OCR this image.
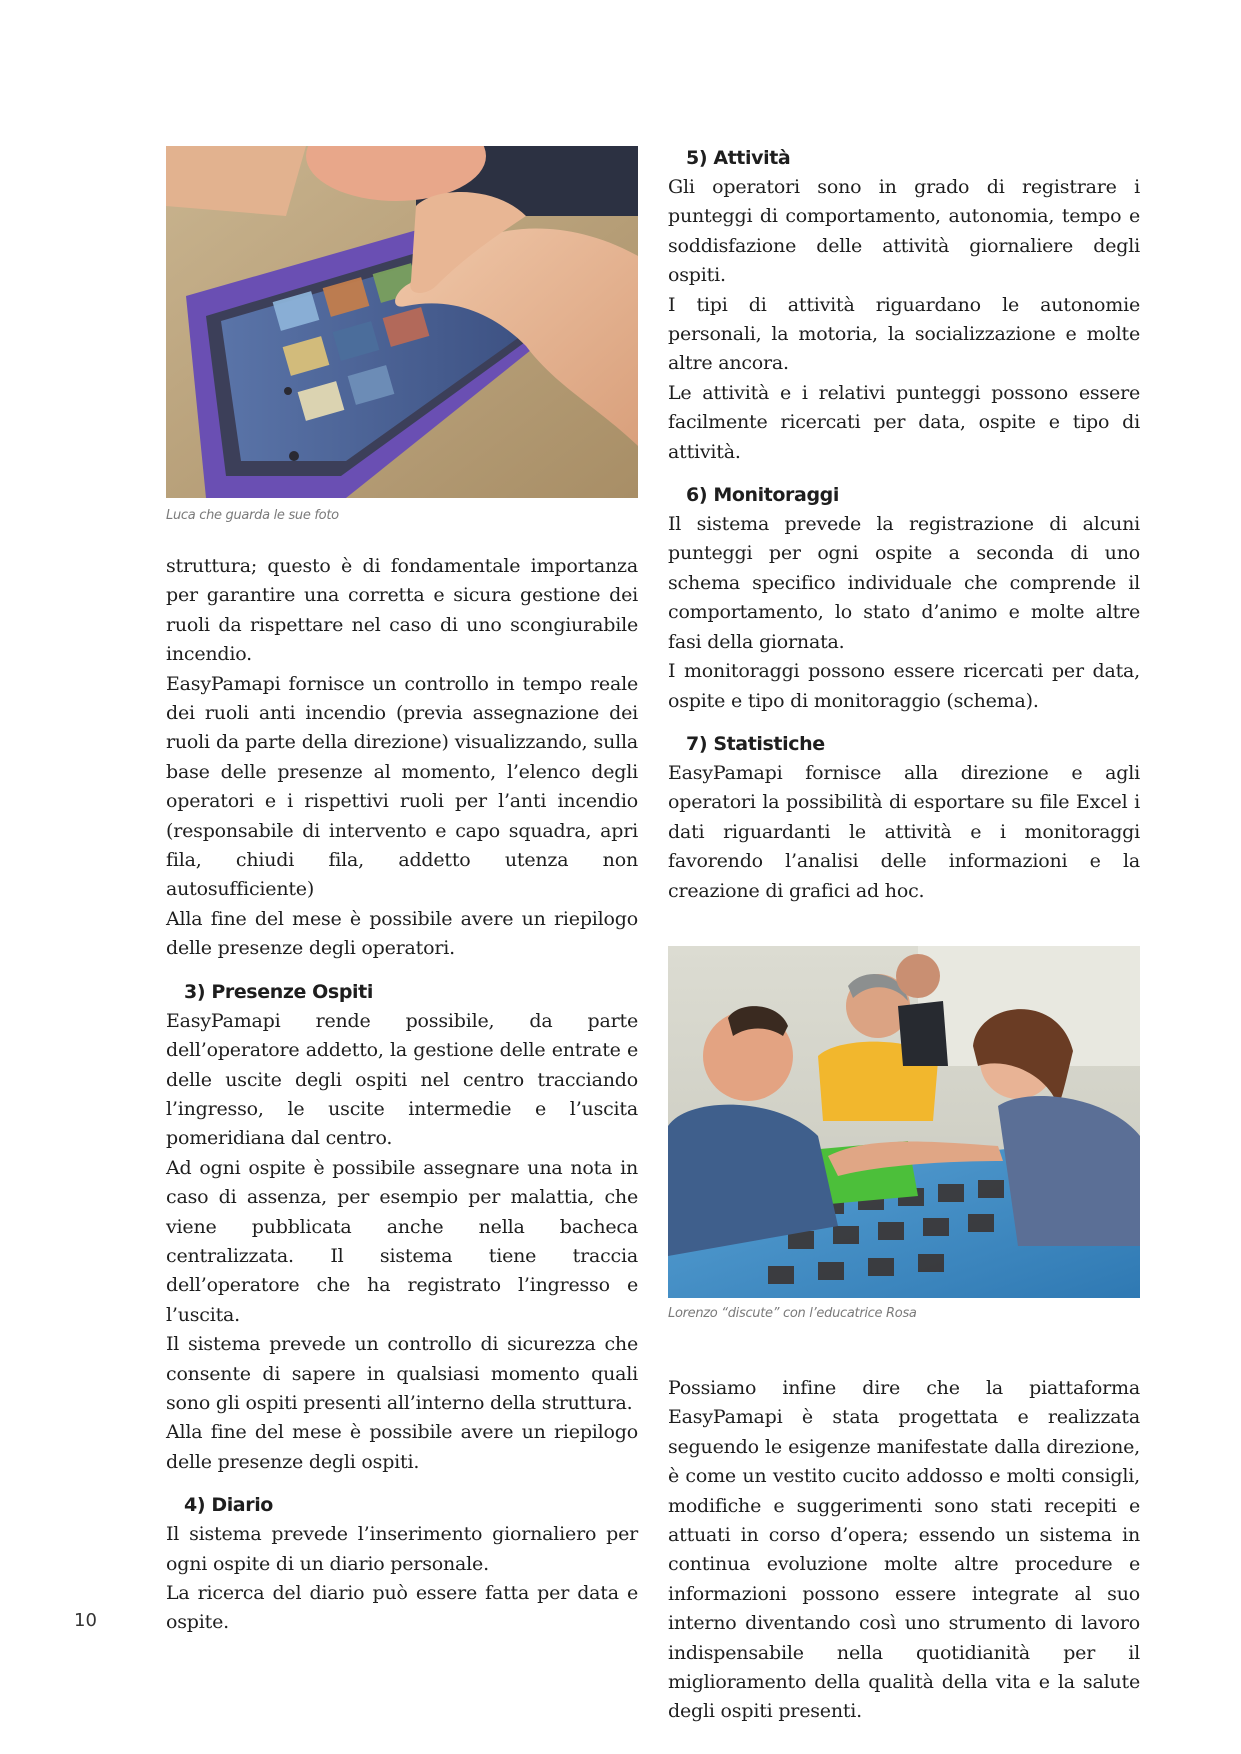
Luca che guarda le sue foto

struttura; questo è di fondamentale importanza per garantire una corretta e sicura gestione dei ruoli da rispettare nel caso di uno scongiurabile incendio.

EasyPamapi fornisce un controllo in tempo reale dei ruoli anti incendio (previa assegnazione dei ruoli da parte della direzione) visualizzando, sulla base delle presenze al momento, l’elenco degli operatori e i rispettivi ruoli per l’anti incendio (responsabile di intervento e capo squadra, apri fila, chiudi fila, addetto utenza non autosufficiente)

Alla fine del mese è possibile avere un riepilogo delle presenze degli operatori.

3) Presenze Ospiti

EasyPamapi rende possibile, da parte dell’operatore addetto, la gestione delle entrate e delle uscite degli ospiti nel centro tracciando l’ingresso, le uscite intermedie e l’uscita pomeridiana dal centro.

Ad ogni ospite è possibile assegnare una nota in caso di assenza, per esempio per malattia, che viene pubblicata anche nella bacheca centralizzata. Il sistema tiene traccia dell’operatore che ha registrato l’ingresso e l’uscita.

Il sistema prevede un controllo di sicurezza che consente di sapere in qualsiasi momento quali sono gli ospiti presenti all’interno della struttura.

Alla fine del mese è possibile avere un riepilogo delle presenze degli ospiti.

4) Diario

Il sistema prevede l’inserimento giornaliero per ogni ospite di un diario personale.

La ricerca del diario può essere fatta per data e ospite.

5) Attività

Gli operatori sono in grado di registrare i punteggi di comportamento, autonomia, tempo e soddisfazione delle attività giornaliere degli ospiti.

I tipi di attività riguardano le autonomie personali, la motoria, la socializzazione e molte altre ancora.

Le attività e i relativi punteggi possono essere facilmente ricercati per data, ospite e tipo di attività.

6) Monitoraggi

Il sistema prevede la registrazione di alcuni punteggi per ogni ospite a seconda di uno schema specifico individuale che comprende il comportamento, lo stato d’animo e molte altre fasi della giornata.

I monitoraggi possono essere ricercati per data, ospite e tipo di monitoraggio (schema).

7) Statistiche

EasyPamapi fornisce alla direzione e agli operatori la possibilità di esportare su file Excel i dati riguardanti le attività e i monitoraggi favorendo l’analisi delle informazioni e la creazione di grafici ad hoc.

Lorenzo “discute” con l’educatrice Rosa

Possiamo infine dire che la piattaforma EasyPamapi è stata progettata e realizzata seguendo le esigenze manifestate dalla direzione, è come un vestito cucito addosso e molti consigli, modifiche e suggerimenti sono stati recepiti e attuati in corso d’opera; essendo un sistema in continua evoluzione molte altre procedure e informazioni possono essere integrate al suo interno diventando così uno strumento di lavoro indispensabile nella quotidianità per il miglioramento della qualità della vita e la salute degli ospiti presenti.

10
